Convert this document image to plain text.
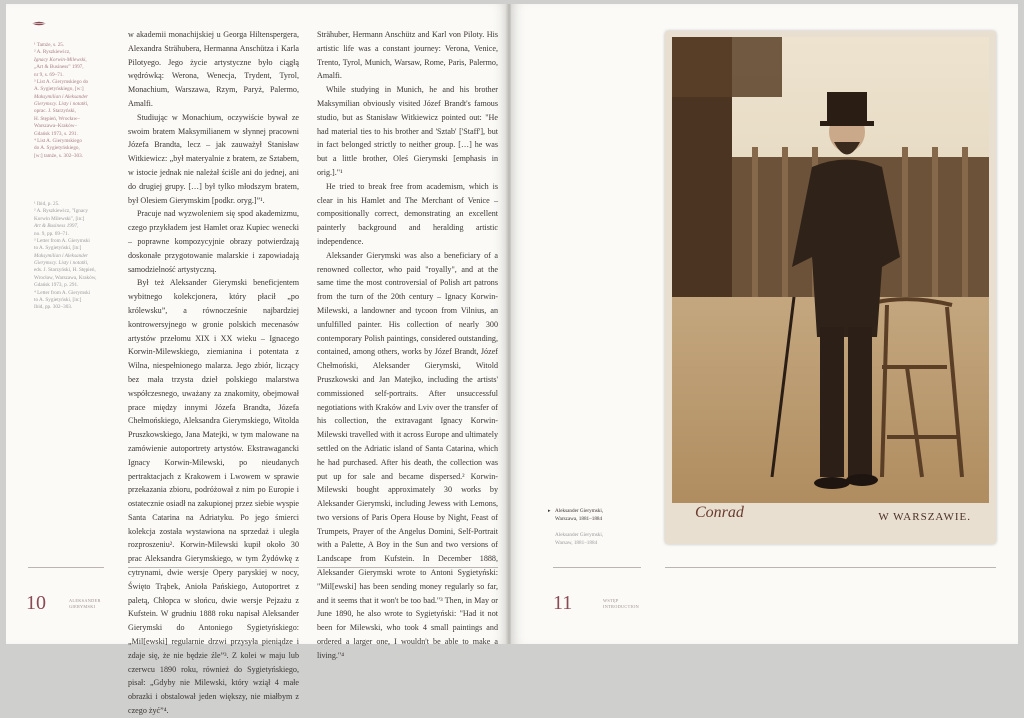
¹ Tamże, s. 25.

² A. Ryszkiewicz,

Ignacy Korwin-Milewski,

„Art & Business” 1997,

nr 9, s. 69–71.

³ List A. Gierymskiego do

A. Sygietyńskiego, [w:]

Maksymilian i Aleksander

Gierymscy. Listy i notatki,

oprac. J. Starzyński,

H. Stępień, Wrocław–

Warszawa–Kraków–

Gdańsk 1973, s. 291.

⁴ List A. Gierymskiego

do A. Sygietyńskiego,

[w:] tamże, s. 302–303.

¹ Ibid, p. 25.

² A. Ryszkiewicz, "Ignacy

Korwin Milewski", [in:]

Art & Business 1997,

no. 9, pp. 69–71.

³ Letter from A. Gierymski

to A. Sygietyński, [in:]

Maksymilian i Aleksander

Gierymscy. Listy i notatki,

eds. J. Starzyński, H. Stępień,

Wrocław, Warszawa, Kraków,

Gdańsk 1973, p. 291.

⁴ Letter from A. Gierymski

to A. Sygietyński, [in:]

Ibid, pp. 302–303.

w akademii monachijskiej u Georga Hiltenspergera, Alexandra Strähubera, Hermanna Anschütza i Karla Pilotyego. Jego życie artystyczne było ciągłą wędrówką: Werona, Wenecja, Trydent, Tyrol, Monachium, Warszawa, Rzym, Paryż, Palermo, Amalfi.

Studiując w Monachium, oczywiście bywał ze swoim bratem Maksymilianem w słynnej pracowni Józefa Brandta, lecz – jak zauważył Stanisław Witkiewicz: „był materyalnie z bratem, ze Sztabem, w istocie jednak nie należał ściśle ani do jednej, ani do drugiej grupy. […] był tylko młodszym bratem, był Olesiem Gierymskim [podkr. oryg.]”¹.

Pracuje nad wyzwoleniem się spod akademizmu, czego przykładem jest Hamlet oraz Kupiec wenecki – poprawne kompozycyjnie obrazy potwierdzają doskonałe przygotowanie malarskie i zapowiadają samodzielność artystyczną.

Był też Aleksander Gierymski beneficjentem wybitnego kolekcjonera, który płacił „po królewsku”, a równocześnie najbardziej kontrowersyjnego w gronie polskich mecenasów artystów przełomu XIX i XX wieku – Ignacego Korwin-Milewskiego, ziemianina i potentata z Wilna, niespełnionego malarza. Jego zbiór, liczący bez mała trzysta dzieł polskiego malarstwa współczesnego, uważany za znakomity, obejmował prace między innymi Józefa Brandta, Józefa Chełmońskiego, Aleksandra Gierymskiego, Witolda Pruszkowskiego, Jana Matejki, w tym malowane na zamówienie autoportrety artystów. Ekstrawagancki Ignacy Korwin-Milewski, po nieudanych pertraktacjach z Krakowem i Lwowem w sprawie przekazania zbioru, podróżował z nim po Europie i ostatecznie osiadł na zakupionej przez siebie wyspie Santa Catarina na Adriatyku. Po jego śmierci kolekcja została wystawiona na sprzedaż i uległa rozproszeniu². Korwin-Milewski kupił około 30 prac Aleksandra Gierymskiego, w tym Żydówkę z cytrynami, dwie wersje Opery paryskiej w nocy, Święto Trąbek, Anioła Pańskiego, Autoportret z paletą, Chłopca w słońcu, dwie wersje Pejzażu z Kufstein. W grudniu 1888 roku napisał Aleksander Gierymski do Antoniego Sygietyńskiego: „Mil[ewski] regularnie drzwi przysyła pieniądze i zdaje się, że nie będzie źle”³. Z kolei w maju lub czerwcu 1890 roku, również do Sygietyńskiego, pisał: „Gdyby nie Milewski, który wziął 4 małe obrazki i obstalował jeden większy, nie miałbym z czego żyć”⁴.

Strähuber, Hermann Anschütz and Karl von Piloty. His artistic life was a constant journey: Verona, Venice, Trento, Tyrol, Munich, Warsaw, Rome, Paris, Palermo, Amalfi.

While studying in Munich, he and his brother Maksymilian obviously visited Józef Brandt's famous studio, but as Stanisław Witkiewicz pointed out: "He had material ties to his brother and 'Sztab' ['Staff'], but in fact belonged strictly to neither group. […] he was but a little brother, Oleś Gierymski [emphasis in orig.]."¹

He tried to break free from academism, which is clear in his Hamlet and The Merchant of Venice – compositionally correct, demonstrating an excellent painterly background and heralding artistic independence.

Aleksander Gierymski was also a beneficiary of a renowned collector, who paid "royally", and at the same time the most controversial of Polish art patrons from the turn of the 20th century – Ignacy Korwin-Milewski, a landowner and tycoon from Vilnius, an unfulfilled painter. His collection of nearly 300 contemporary Polish paintings, considered outstanding, contained, among others, works by Józef Brandt, Józef Chełmoński, Aleksander Gierymski, Witold Pruszkowski and Jan Matejko, including the artists' commissioned self-portraits. After unsuccessful negotiations with Kraków and Lviv over the transfer of his collection, the extravagant Ignacy Korwin-Milewski travelled with it across Europe and ultimately settled on the Adriatic island of Santa Catarina, which he had purchased. After his death, the collection was put up for sale and became dispersed.² Korwin-Milewski bought approximately 30 works by Aleksander Gierymski, including Jewess with Lemons, two versions of Paris Opera House by Night, Feast of Trumpets, Prayer of the Angelus Domini, Self-Portrait with a Palette, A Boy in the Sun and two versions of Landscape from Kufstein. In December 1888, Aleksander Gierymski wrote to Antoni Sygietyński: "Mil[ewski] has been sending money regularly so far, and it seems that it won't be too bad."³ Then, in May or June 1890, he also wrote to Sygietyński: "Had it not been for Milewski, who took 4 small paintings and ordered a larger one, I wouldn't be able to make a living."⁴

10	ALEKSANDER
GIERYMSKI
Conrad	W WARSZAWIE.
▸ Aleksander Gierymski,
Warszawa, 1881–1884
Aleksander Gierymski,
Warsaw, 1881–1884
11	WSTĘP
INTRODUCTION
